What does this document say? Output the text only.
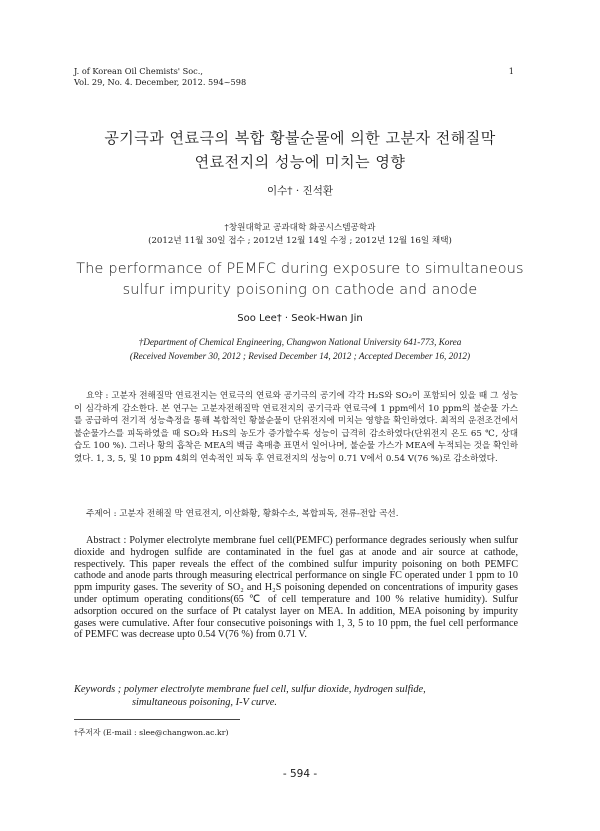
J. of Korean Oil Chemists' Soc.,
Vol. 29, No. 4. December, 2012. 594~598
1
공기극과 연료극의 복합 황불순물에 의한 고분자 전해질막
연료전지의 성능에 미치는 영향
이수† · 진석환
†창원대학교 공과대학 화공시스템공학과
(2012년 11월 30일 접수 ; 2012년 12월 14일 수정 ; 2012년 12월 16일 채택)
The performance of PEMFC during exposure to simultaneous
sulfur impurity poisoning on cathode and anode
Soo Lee† · Seok-Hwan Jin
†Department of Chemical Engineering, Changwon National University 641-773, Korea
(Received November 30, 2012 ; Revised December 14, 2012 ; Accepted December 16, 2012)
요약 : 고분자 전해질막 연료전지는 연료극의 연료와 공기극의 공기에 각각 H₂S와 SO₂이 포함되어 있을 때 그 성능이 심각하게 감소한다. 본 연구는 고분자전해질막 연료전지의 공기극과 연료극에 1 ppm에서 10 ppm의 불순물 가스를 공급하여 전기적 성능측정을 통해 복합적인 황불순물이 단위전지에 미치는 영향을 확인하였다. 최적의 운전조건에서 불순물가스를 피독하였을 때 SO₂와 H₂S의 농도가 증가할수록 성능이 급격히 감소하였다(단위전지 온도 65 ℃, 상대습도 100 %). 그러나 황의 흡착은 MEA의 백금 촉매층 표면서 일어나며, 불순물 가스가 MEA에 누적되는 것을 확인하였다. 1, 3, 5, 및 10 ppm 4회의 연속적인 피독 후 연료전지의 성능이 0.71 V에서 0.54 V(76 %)로 감소하였다.
주제어 : 고분자 전해질 막 연료전지, 이산화황, 황화수소, 복합피독, 전류-전압 곡선.
Abstract : Polymer electrolyte membrane fuel cell(PEMFC) performance degrades seriously when sulfur dioxide and hydrogen sulfide are contaminated in the fuel gas at anode and air source at cathode, respectively. This paper reveals the effect of the combined sulfur impurity poisoning on both PEMFC cathode and anode parts through measuring electrical performance on single FC operated under 1 ppm to 10 ppm impurity gases. The severity of SO₂ and H₂S poisoning depended on concentrations of impurity gases under optimum operating conditions(65 ℃ of cell temperature and 100 % relative humidity). Sulfur adsorption occured on the surface of Pt catalyst layer on MEA. In addition, MEA poisoning by impurity gases were cumulative. After four consecutive poisonings with 1, 3, 5 to 10 ppm, the fuel cell performance of PEMFC was decrease upto 0.54 V(76 %) from 0.71 V.
Keywords ; polymer electrolyte membrane fuel cell, sulfur dioxide, hydrogen sulfide,
simultaneous poisoning, I-V curve.
†주저자 (E-mail : slee@changwon.ac.kr)
- 594 -
